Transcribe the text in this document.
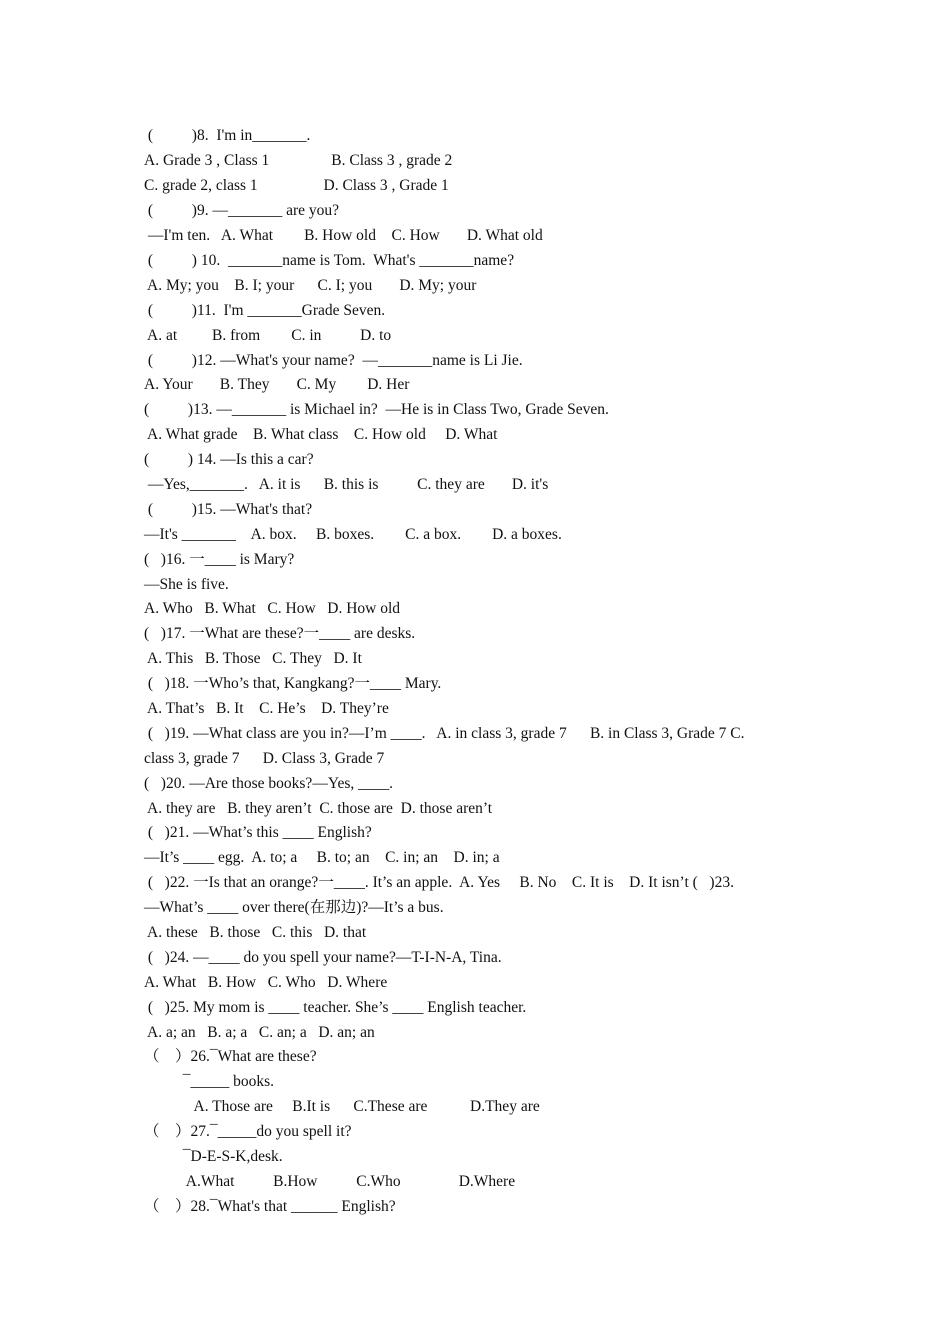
(          )8.  I'm in_______.

A. Grade 3 , Class 1                B. Class 3 , grade 2

C. grade 2, class 1                 D. Class 3 , Grade 1

(          )9. —_______ are you?

—I'm ten.   A. What        B. How old    C. How       D. What old

(          ) 10.  _______name is Tom.  What's _______name?

A. My; you    B. I; your      C. I; you       D. My; your

(          )11.  I'm _______Grade Seven.

A. at         B. from        C. in          D. to

(          )12. —What's your name?  —_______name is Li Jie.

A. Your       B. They       C. My        D. Her

(          )13. —_______ is Michael in?  —He is in Class Two, Grade Seven.

A. What grade    B. What class    C. How old     D. What

(          ) 14. —Is this a car?

—Yes,_______.   A. it is      B. this is          C. they are       D. it's

(          )15. —What's that?

—It's _______    A. box.     B. boxes.        C. a box.        D. a boxes.

(   )16. 一____ is Mary?

—She is five.

A. Who   B. What   C. How   D. How old

(   )17. 一What are these?一____ are desks.

A. This   B. Those   C. They   D. It

(   )18. 一Who’s that, Kangkang?一____ Mary.

A. That’s   B. It    C. He’s    D. They’re

(   )19. —What class are you in?—I’m ____.   A. in class 3, grade 7      B. in Class 3, Grade 7 C.

class 3, grade 7      D. Class 3, Grade 7

(   )20. —Are those books?—Yes, ____.

A. they are   B. they aren’t  C. those are  D. those aren’t

(   )21. —What’s this ____ English?

—It’s ____ egg.  A. to; a     B. to; an    C. in; an    D. in; a

(   )22. 一Is that an orange?一____. It’s an apple.  A. Yes     B. No    C. It is    D. It isn’t (   )23.

—What’s ____ over there(在那边)?—It’s a bus.

A. these   B. those   C. this   D. that

(   )24. —____ do you spell your name?—T-I-N-A, Tina.

A. What   B. How   C. Who   D. Where

(   )25. My mom is ____ teacher. She’s ____ English teacher.

A. a; an   B. a; a   C. an; a   D. an; an

（    ）26.¯What are these?

¯_____ books.

A. Those are     B.It is      C.These are           D.They are

（    ）27.¯_____do you spell it?

¯D-E-S-K,desk.

A.What          B.How          C.Who               D.Where

（    ）28.¯What's that ______ English?
